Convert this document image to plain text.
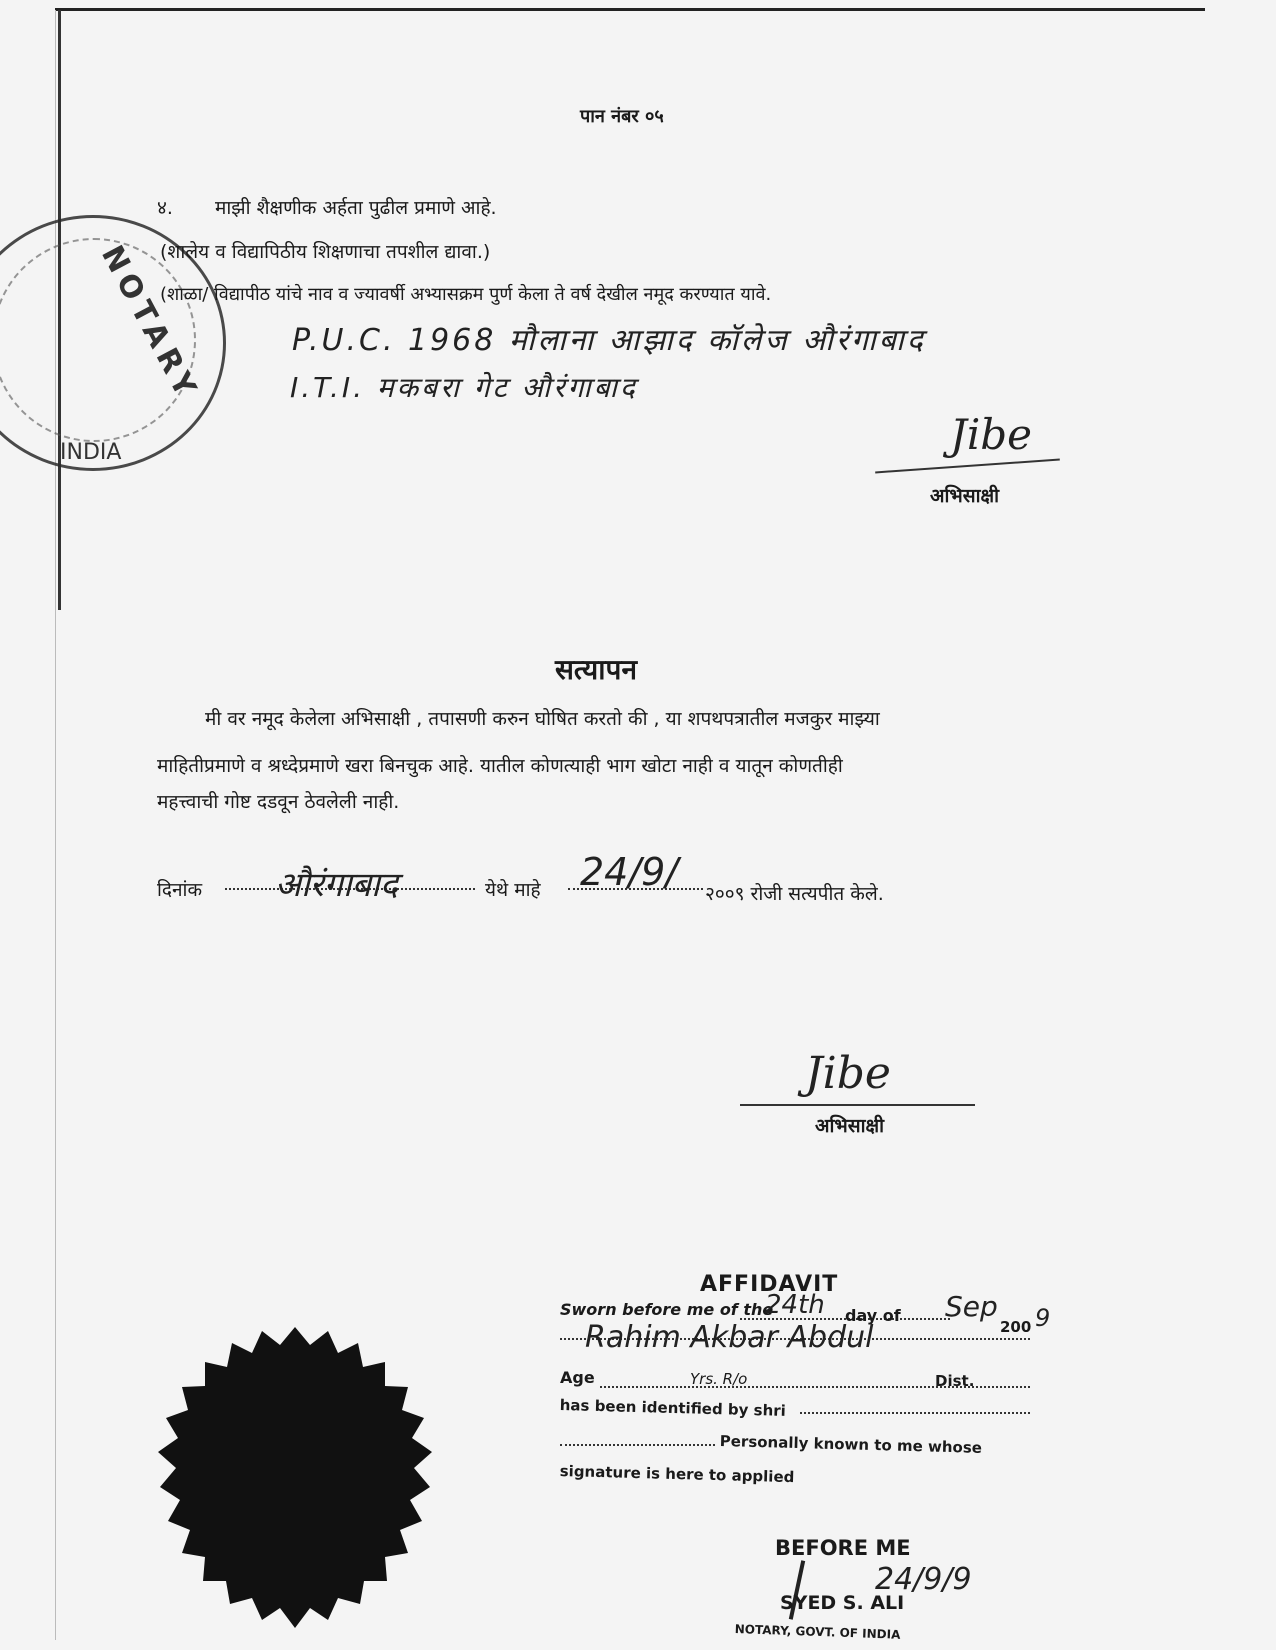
NOTARY
INDIA
पान नंबर ०५
४. माझी शैक्षणीक अर्हता पुढील प्रमाणे आहे.
(शालेय व विद्यापिठीय शिक्षणाचा तपशील द्यावा.)
(शाळा/ विद्यापीठ यांचे नाव व ज्यावर्षी अभ्यासक्रम पुर्ण केला ते वर्ष देखील नमूद करण्यात यावे.
P.U.C. 1968 मौलाना आझाद कॉलेज औरंगाबाद
I.T.I. मकबरा गेट औरंगाबाद
Jibe
अभिसाक्षी
सत्यापन
मी वर नमूद केलेला अभिसाक्षी , तपासणी करुन घोषित करतो की , या शपथपत्रातील मजकुर माझ्या
माहितीप्रमाणे व श्रध्देप्रमाणे खरा बिनचुक आहे. यातील कोणत्याही भाग खोटा नाही व यातून कोणतीही
महत्त्वाची गोष्ट दडवून ठेवलेली नाही.
दिनांक औरंगाबाद	येथे माहे 24/9/ २००९ रोजी सत्यपीत केले.
Jibe
अभिसाक्षी
AFFIDAVIT
Sworn before me of the
24th day of Sep
200 9
Rahim Akbar Abdul
Age	Yrs. R/o	Dist.
has been identified by shri
Personally known to me whose
signature is here to applied
BEFORE ME
24/9/9
SYED S. ALI
NOTARY, GOVT. OF INDIA
